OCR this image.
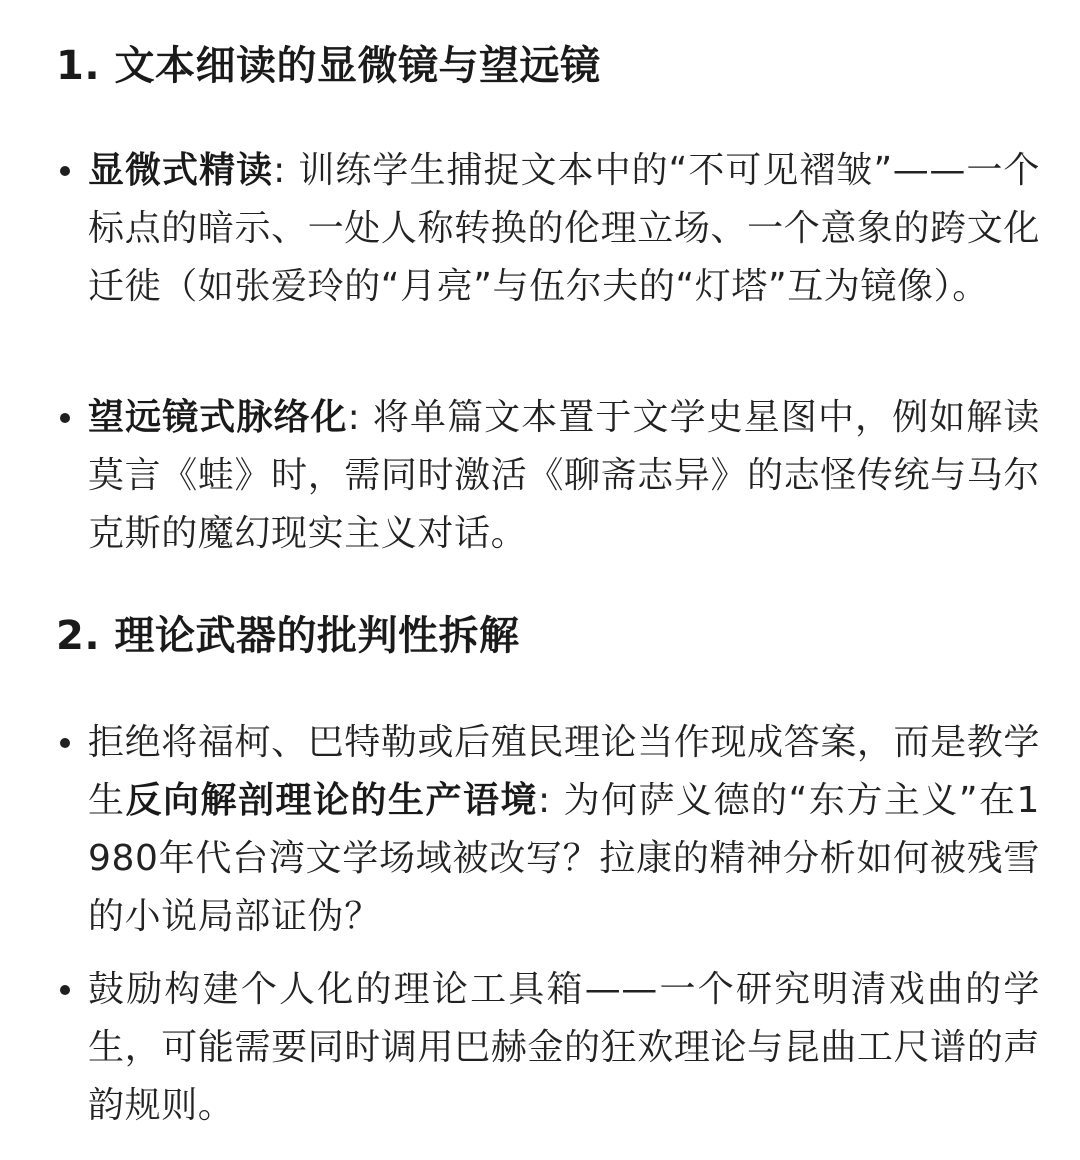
1. 文本细读的显微镜与望远镜

显微式精读: 训练学生捕捉文本中的“不可见褶皱”——一个标点的暗示、一处人称转换的伦理立场、一个意象的跨文化迁徙（如张爱玲的“月亮”与伍尔夫的“灯塔”互为镜像）。

望远镜式脉络化: 将单篇文本置于文学史星图中，例如解读莫言《蛙》时，需同时激活《聊斋志异》的志怪传统与马尔克斯的魔幻现实主义对话。

2. 理论武器的批判性拆解

拒绝将福柯、巴特勒或后殖民理论当作现成答案，而是教学生反向解剖理论的生产语境: 为何萨义德的“东方主义”在1980年代台湾文学场域被改写？拉康的精神分析如何被残雪的小说局部证伪？

鼓励构建个人化的理论工具箱——一个研究明清戏曲的学生，可能需要同时调用巴赫金的狂欢理论与昆曲工尺谱的声韵规则。
